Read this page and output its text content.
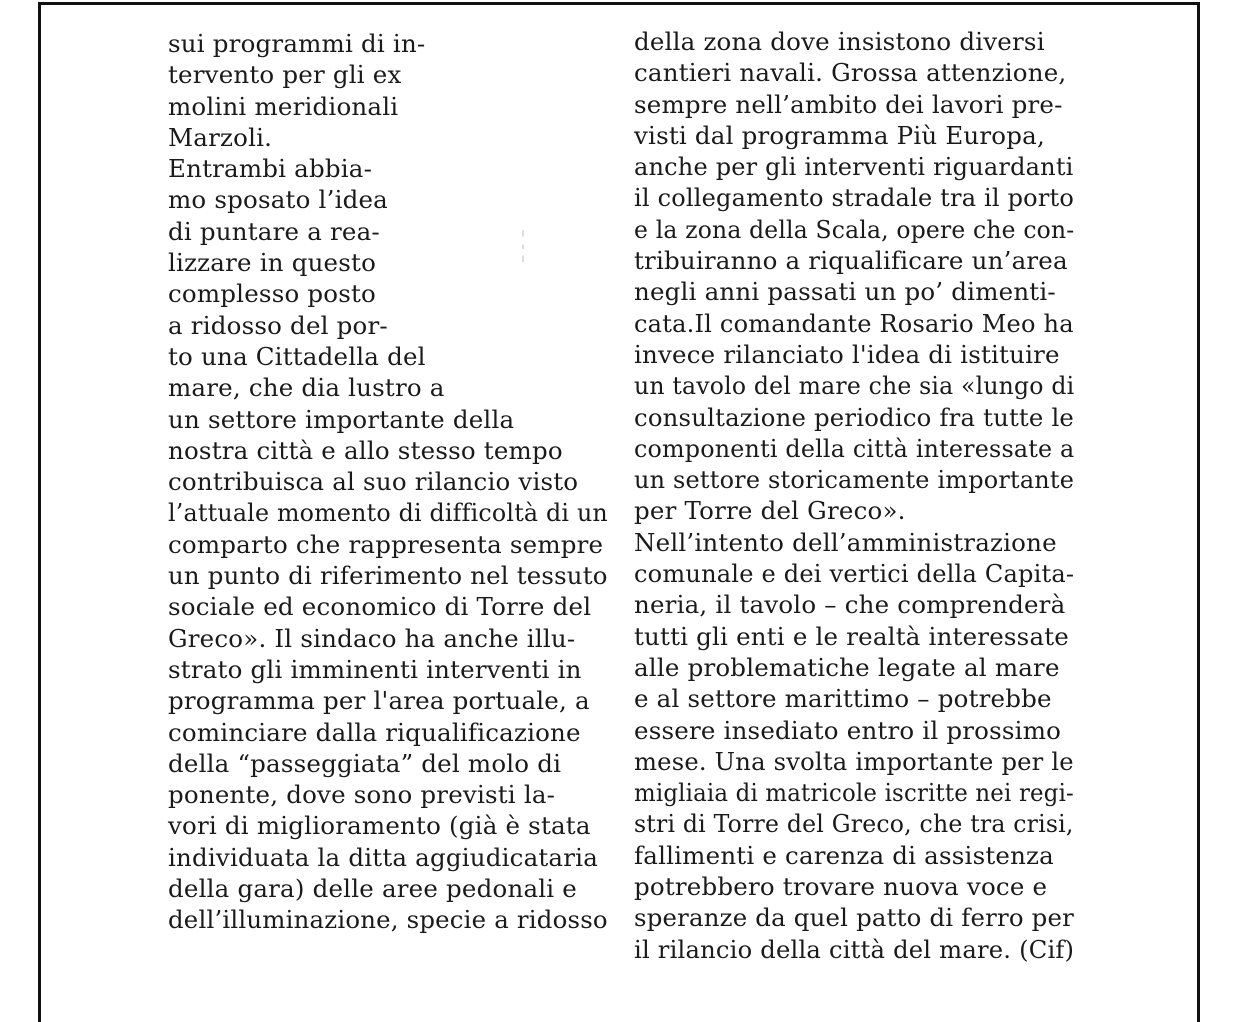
sui programmi di in-
tervento per gli ex
molini meridionali
Marzoli.
Entrambi abbia-
mo sposato l’idea
di puntare a rea-
lizzare in questo
complesso posto
a ridosso del por-
to una Cittadella del
mare, che dia lustro a
un settore importante della
nostra città e allo stesso tempo
contribuisca al suo rilancio visto
l’attuale momento di difficoltà di un
comparto che rappresenta sempre
un punto di riferimento nel tessuto
sociale ed economico di Torre del
Greco». Il sindaco ha anche illu-
strato gli imminenti interventi in
programma per l'area portuale, a
cominciare dalla riqualificazione
della “passeggiata” del molo di
ponente, dove sono previsti la-
vori di miglioramento (già è stata
individuata la ditta aggiudicataria
della gara) delle aree pedonali e
dell’illuminazione, specie a ridosso
della zona dove insistono diversi
cantieri navali. Grossa attenzione,
sempre nell’ambito dei lavori pre-
visti dal programma Più Europa,
anche per gli interventi riguardanti
il collegamento stradale tra il porto
e la zona della Scala, opere che con-
tribuiranno a riqualificare un’area
negli anni passati un po’ dimenti-
cata.Il comandante Rosario Meo ha
invece rilanciato l'idea di istituire
un tavolo del mare che sia «lungo di
consultazione periodico fra tutte le
componenti della città interessate a
un settore storicamente importante
per Torre del Greco».
Nell’intento dell’amministrazione
comunale e dei vertici della Capita-
neria, il tavolo – che comprenderà
tutti gli enti e le realtà interessate
alle problematiche legate al mare
e al settore marittimo – potrebbe
essere insediato entro il prossimo
mese. Una svolta importante per le
migliaia di matricole iscritte nei regi-
stri di Torre del Greco, che tra crisi,
fallimenti e carenza di assistenza
potrebbero trovare nuova voce e
speranze da quel patto di ferro per
il rilancio della città del mare. (Cif)
